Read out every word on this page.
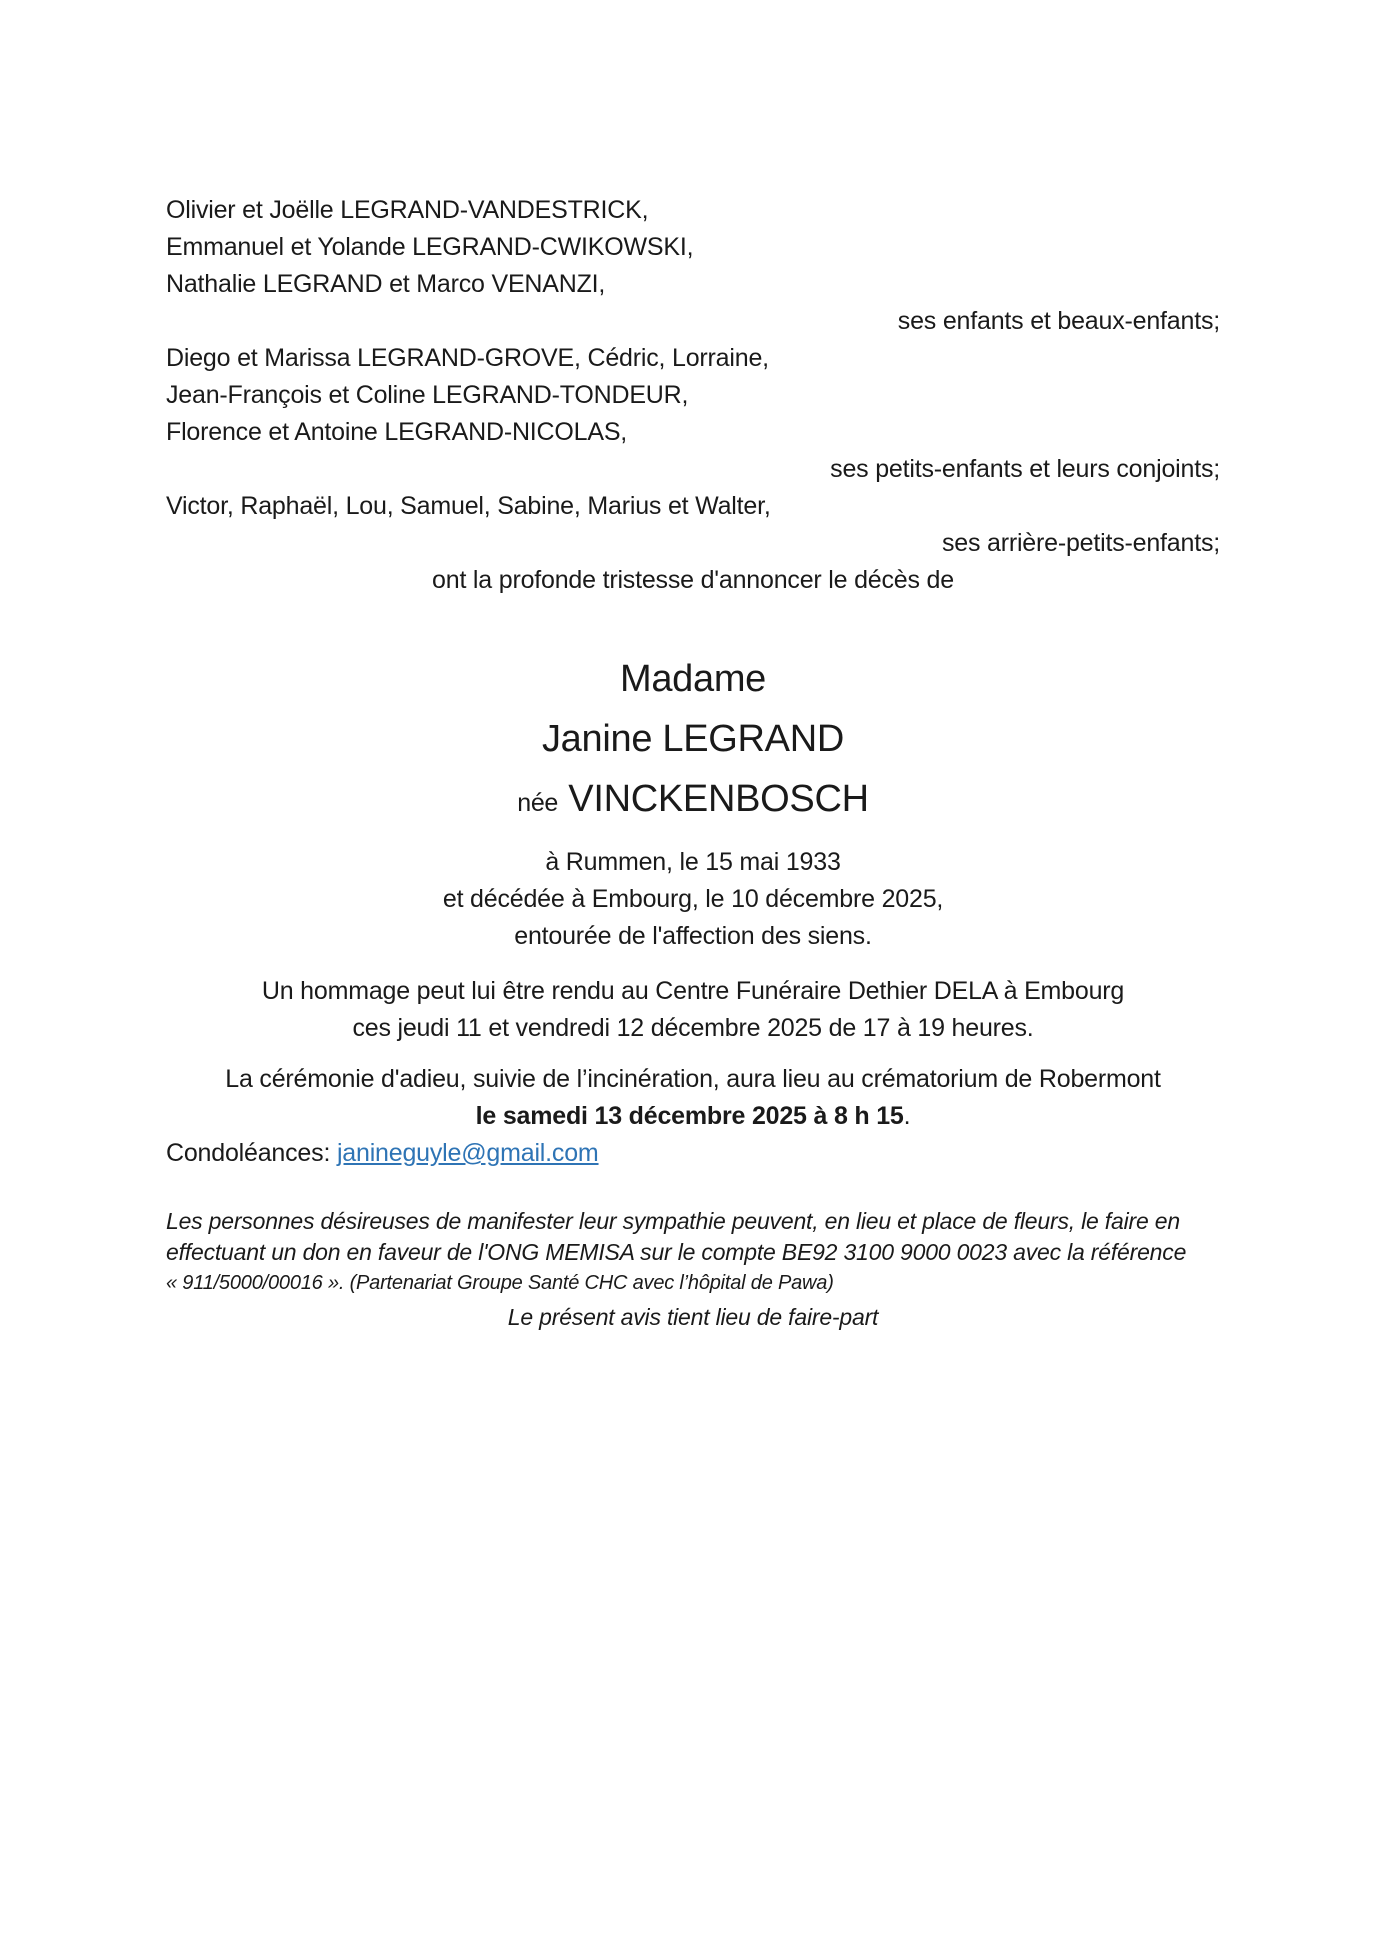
Olivier et Joëlle LEGRAND-VANDESTRICK,

Emmanuel et Yolande LEGRAND-CWIKOWSKI,

Nathalie LEGRAND et Marco VENANZI,

ses enfants et beaux-enfants;

Diego et Marissa LEGRAND-GROVE, Cédric, Lorraine,

Jean-François et Coline LEGRAND-TONDEUR,

Florence et Antoine LEGRAND-NICOLAS,

ses petits-enfants et leurs conjoints;

Victor, Raphaël, Lou, Samuel, Sabine, Marius et Walter,

ses arrière-petits-enfants;

ont la profonde tristesse d'annoncer le décès de

Madame

Janine LEGRAND

née VINCKENBOSCH

à Rummen, le 15 mai 1933

et décédée à Embourg, le 10 décembre 2025,

entourée de l'affection des siens.

Un hommage peut lui être rendu au Centre Funéraire Dethier DELA à Embourg

ces jeudi 11 et vendredi 12 décembre 2025 de 17 à 19 heures.

La cérémonie d'adieu, suivie de l’incinération, aura lieu au crématorium de Robermont

le samedi 13 décembre 2025 à 8 h 15.

Condoléances: janineguyle@gmail.com

Les personnes désireuses de manifester leur sympathie peuvent, en lieu et place de fleurs, le faire en

effectuant un don en faveur de l'ONG MEMISA sur le compte BE92 3100 9000 0023 avec la référence

« 911/5000/00016 ». (Partenariat Groupe Santé CHC avec l’hôpital de Pawa)

Le présent avis tient lieu de faire-part
